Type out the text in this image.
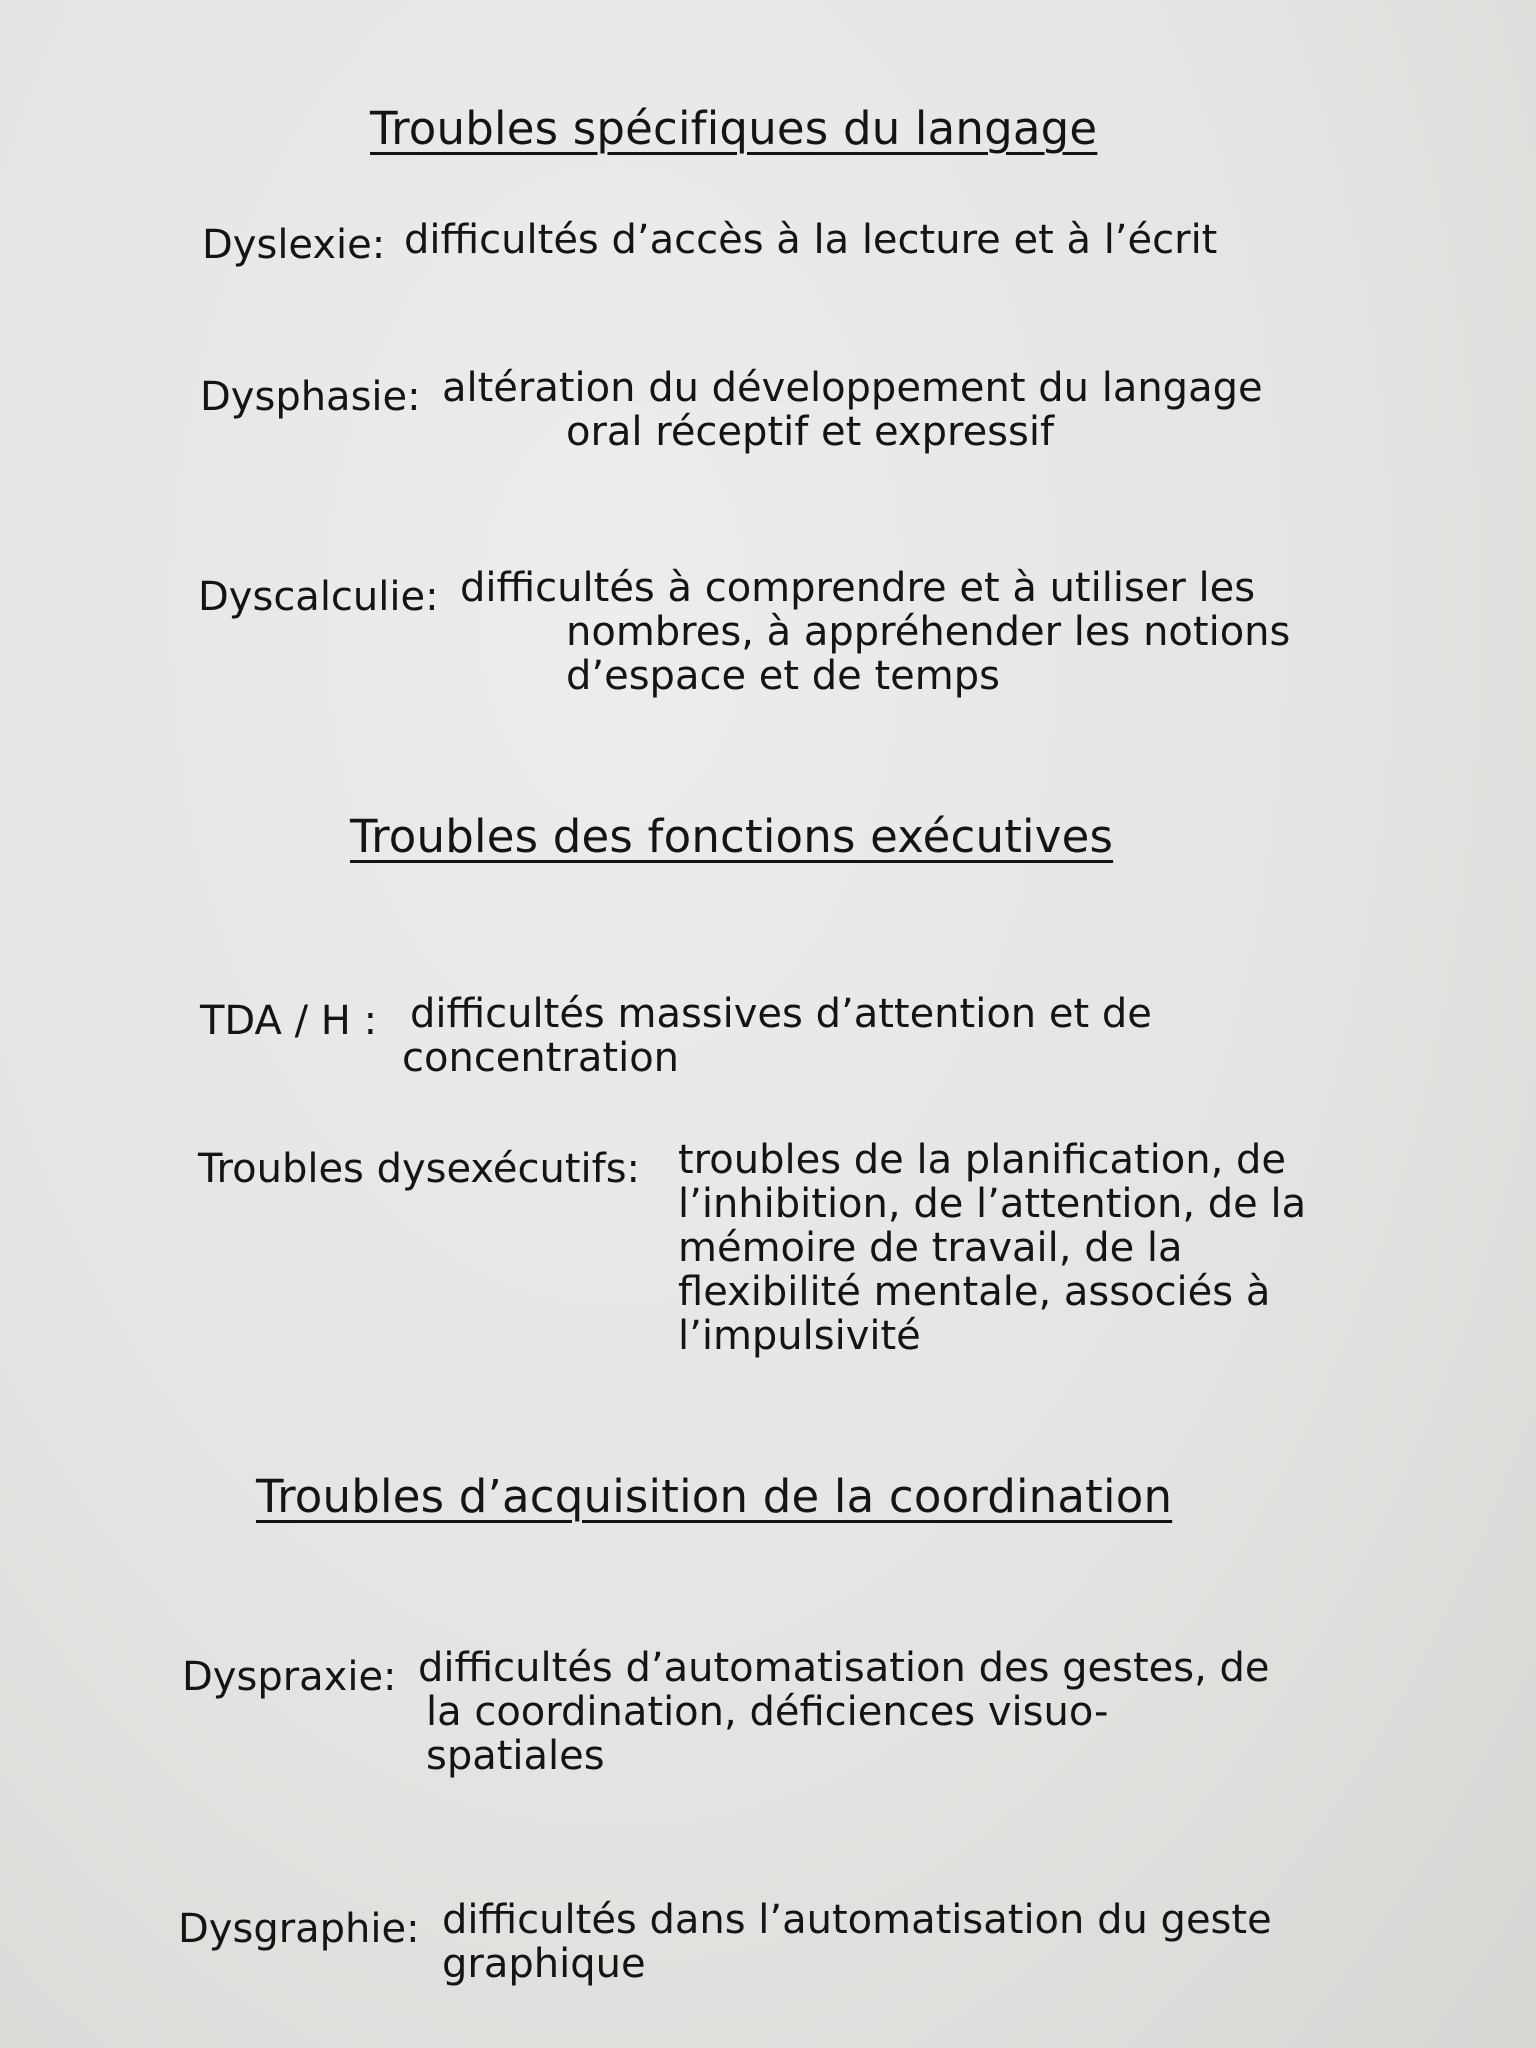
Troubles spécifiques du langage
Dyslexie: difficultés d’accès à la lecture et à l’écrit
Dysphasie: altération du développement du langage
oral réceptif et expressif
Dyscalculie: difficultés à comprendre et à utiliser les
nombres, à appréhender les notions
d’espace et de temps
Troubles des fonctions exécutives
TDA / H : difficultés massives d’attention et de
concentration
Troubles dysexécutifs: troubles de la planification, de
l’inhibition, de l’attention, de la
mémoire de travail, de la
flexibilité mentale, associés à
l’impulsivité
Troubles d’acquisition de la coordination
Dyspraxie: difficultés d’automatisation des gestes, de
la coordination, déficiences visuo-
spatiales
Dysgraphie: difficultés dans l’automatisation du geste
graphique
